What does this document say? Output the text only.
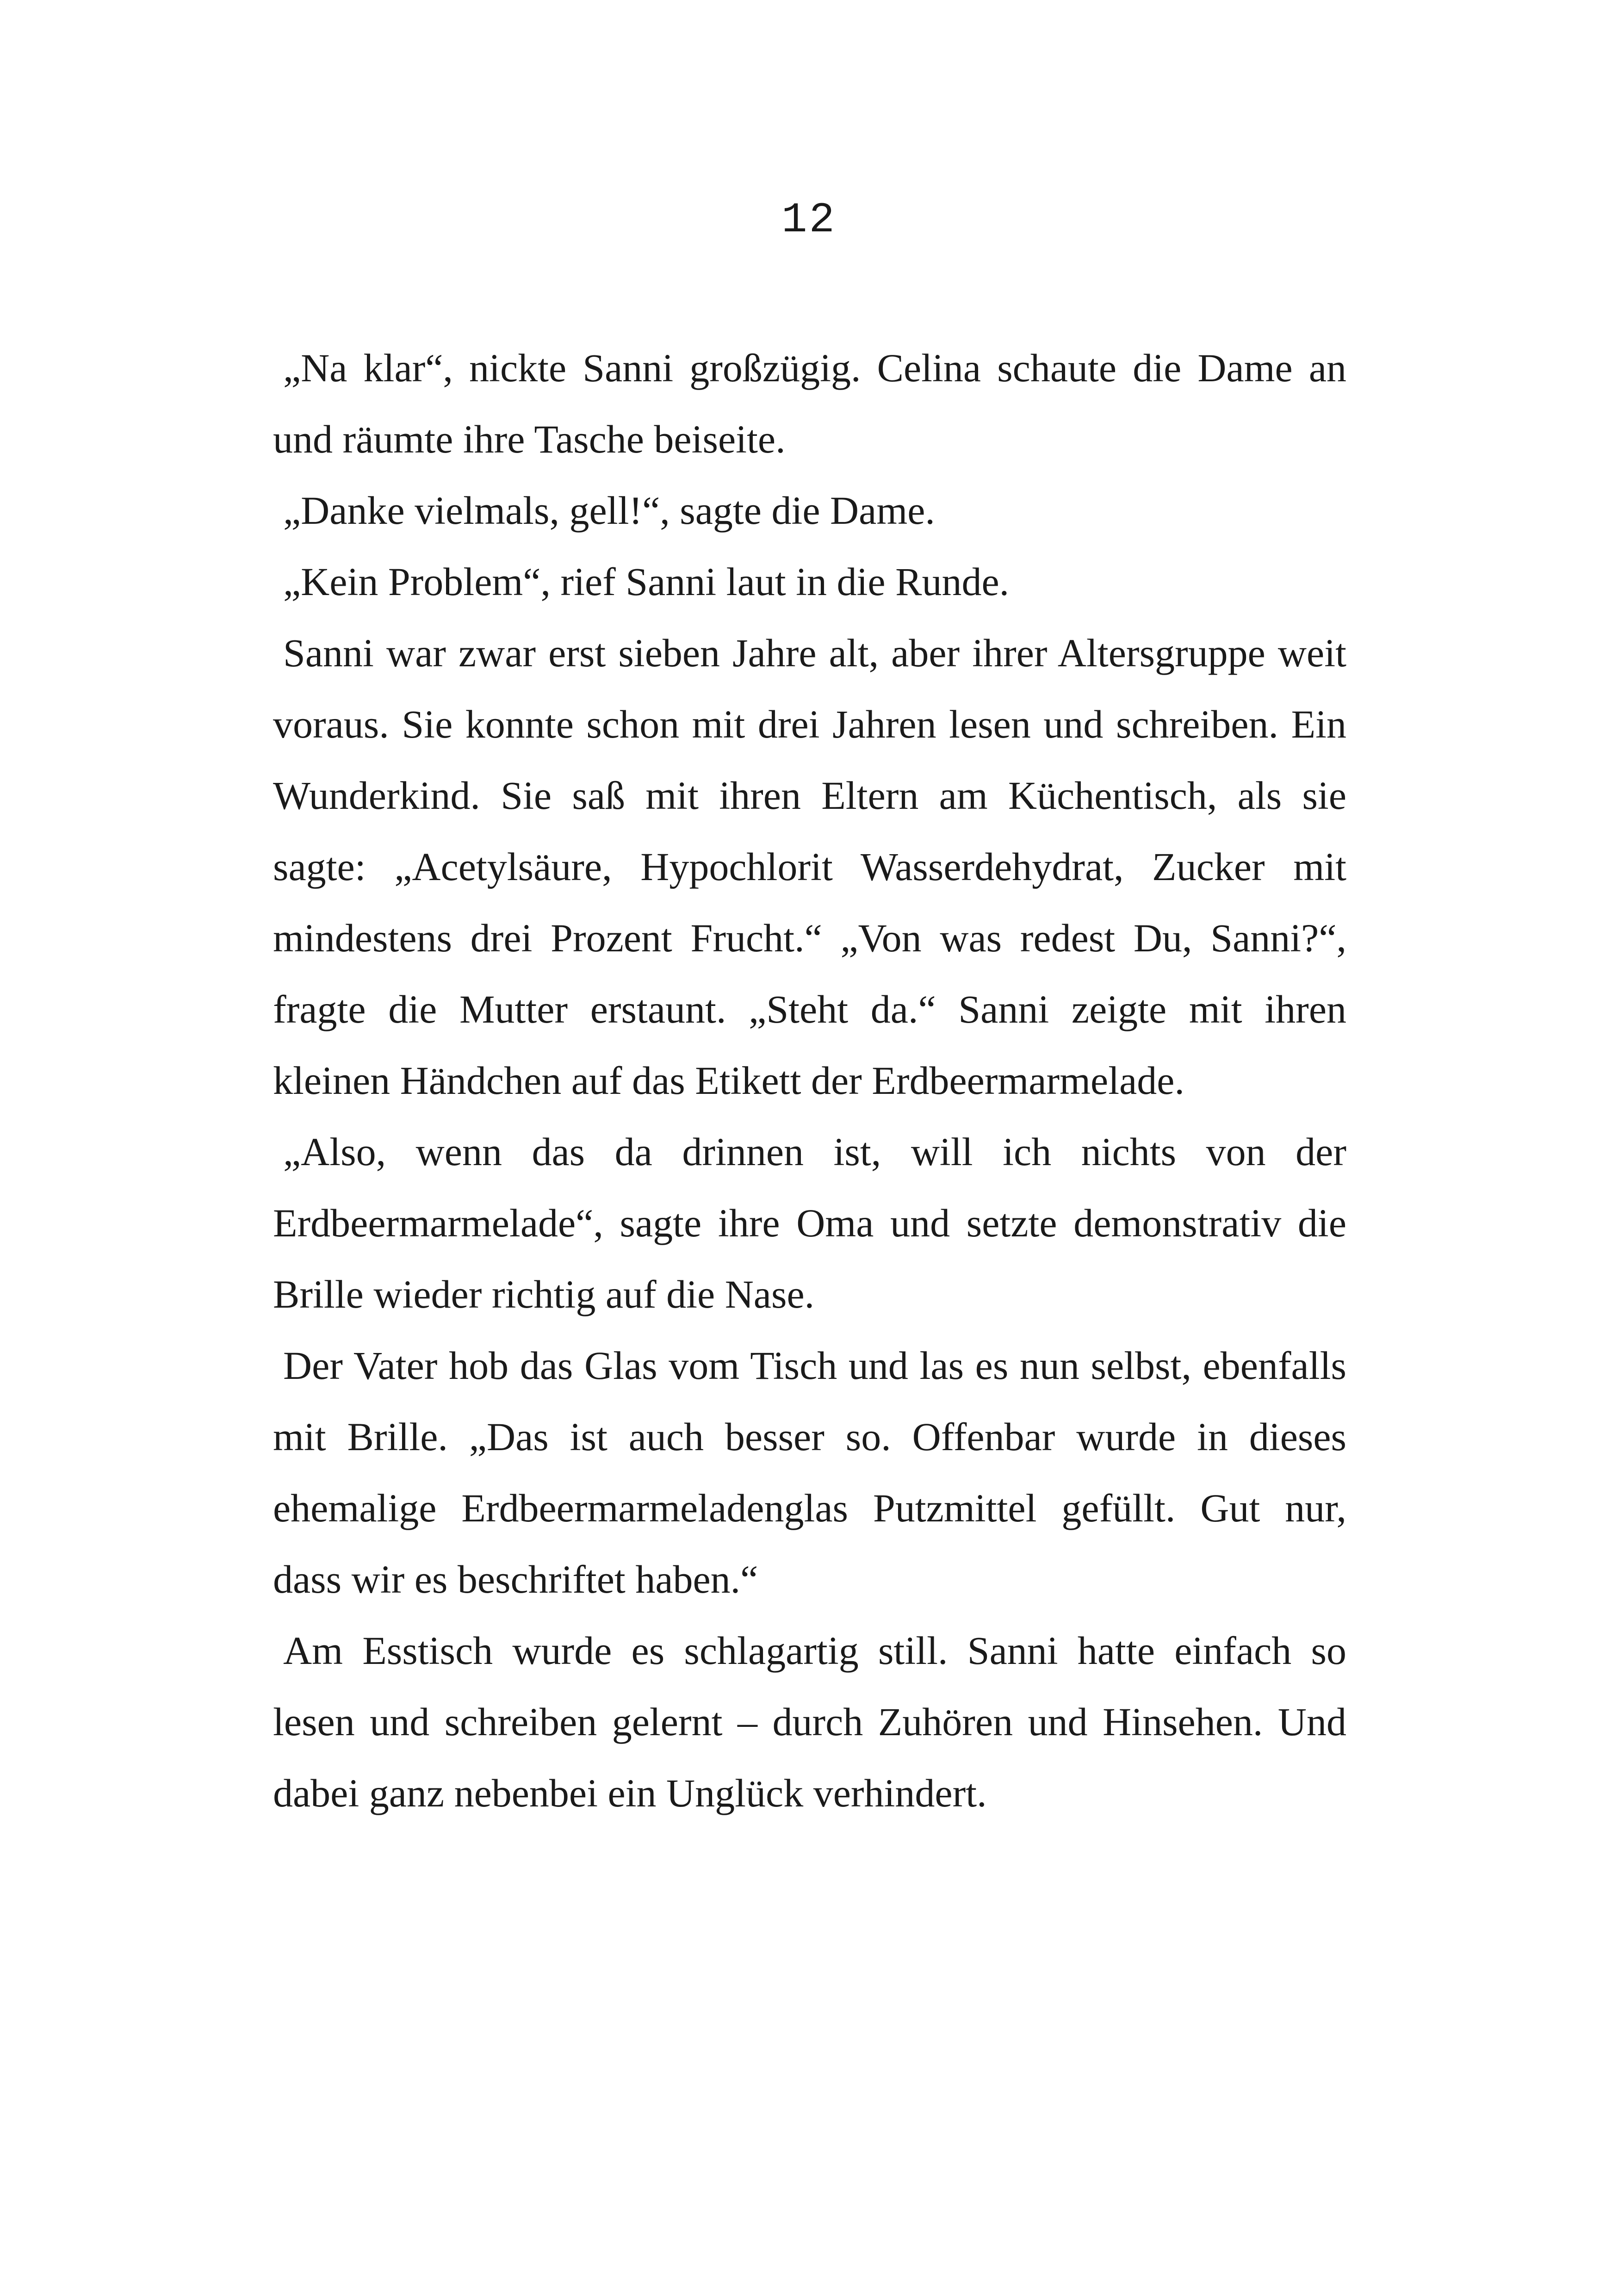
12

„Na klar“, nickte Sanni großzügig. Celina schaute die Dame an und räumte ihre Tasche beiseite.

„Danke vielmals, gell!“, sagte die Dame.

„Kein Problem“, rief Sanni laut in die Runde.

Sanni war zwar erst sieben Jahre alt, aber ihrer Altersgruppe weit voraus. Sie konnte schon mit drei Jahren lesen und schreiben. Ein Wunderkind. Sie saß mit ihren Eltern am Küchentisch, als sie sagte: „Acetylsäure, Hypochlorit Wasserdehydrat, Zucker mit mindestens drei Prozent Frucht.“ „Von was redest Du, Sanni?“, fragte die Mutter erstaunt. „Steht da.“ Sanni zeigte mit ihren kleinen Händchen auf das Etikett der Erdbeermarmelade.

„Also, wenn das da drinnen ist, will ich nichts von der Erdbeermarmelade“, sagte ihre Oma und setzte demonstrativ die Brille wieder richtig auf die Nase.

Der Vater hob das Glas vom Tisch und las es nun selbst, ebenfalls mit Brille. „Das ist auch besser so. Offenbar wurde in dieses ehemalige Erdbeermarmeladenglas Putzmittel gefüllt. Gut nur, dass wir es beschriftet haben.“

Am Esstisch wurde es schlagartig still. Sanni hatte einfach so lesen und schreiben gelernt – durch Zuhören und Hinsehen. Und dabei ganz nebenbei ein Unglück verhindert.
